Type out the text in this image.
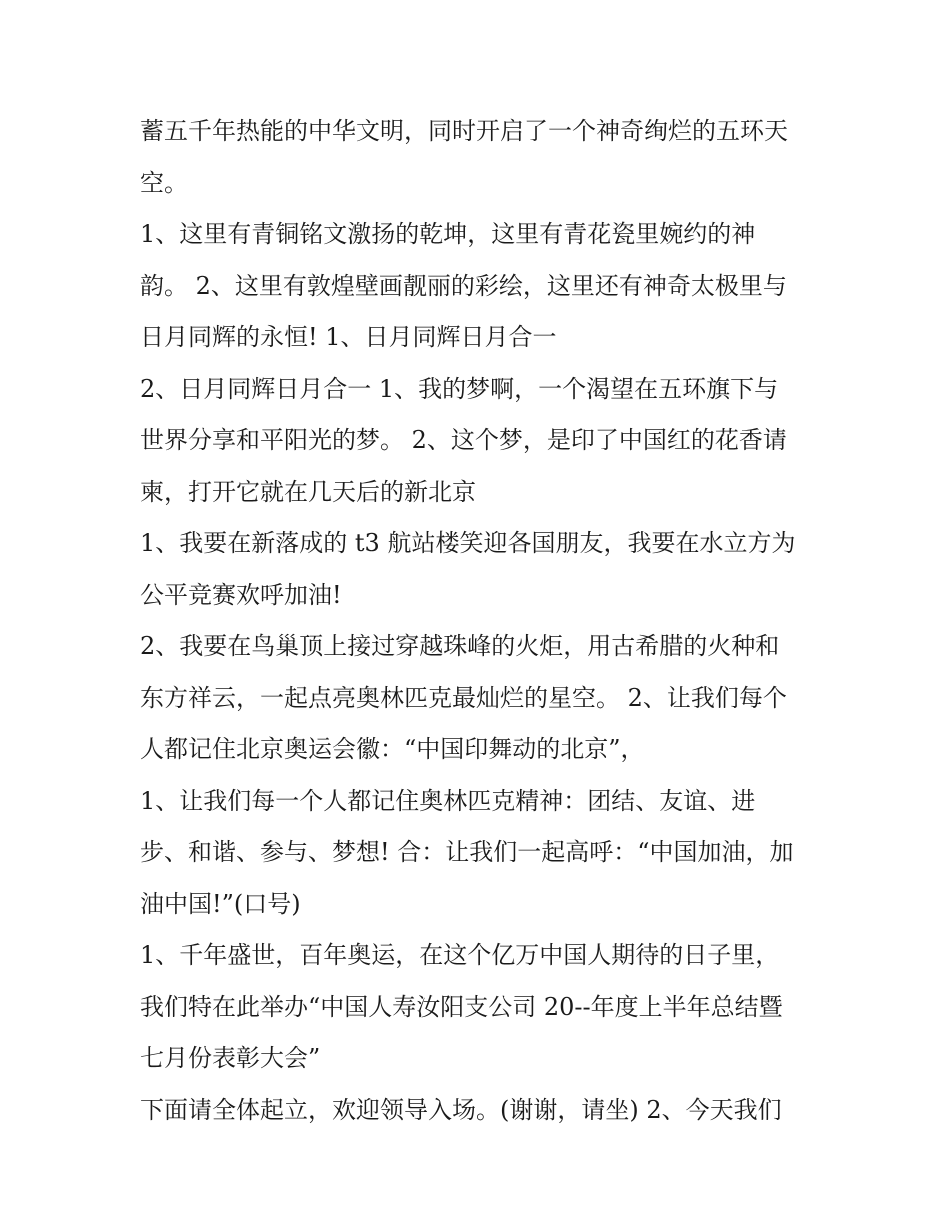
蓄五千年热能的中华文明，同时开启了一个神奇绚烂的五环天
空。
1、这里有青铜铭文激扬的乾坤，这里有青花瓷里婉约的神
韵。 2、这里有敦煌壁画靓丽的彩绘，这里还有神奇太极里与
日月同辉的永恒! 1、日月同辉日月合一
2、日月同辉日月合一 1、我的梦啊，一个渴望在五环旗下与
世界分享和平阳光的梦。 2、这个梦，是印了中国红的花香请
柬，打开它就在几天后的新北京
1、我要在新落成的 t3 航站楼笑迎各国朋友，我要在水立方为
公平竞赛欢呼加油!
2、我要在鸟巢顶上接过穿越珠峰的火炬，用古希腊的火种和
东方祥云，一起点亮奥林匹克最灿烂的星空。 2、让我们每个
人都记住北京奥运会徽：“中国印舞动的北京”，
1、让我们每一个人都记住奥林匹克精神：团结、友谊、进
步、和谐、参与、梦想! 合：让我们一起高呼：“中国加油，加
油中国!”(口号)
1、千年盛世，百年奥运，在这个亿万中国人期待的日子里，
我们特在此举办“中国人寿汝阳支公司 20--年度上半年总结暨
七月份表彰大会”
下面请全体起立，欢迎领导入场。(谢谢，请坐) 2、今天我们
